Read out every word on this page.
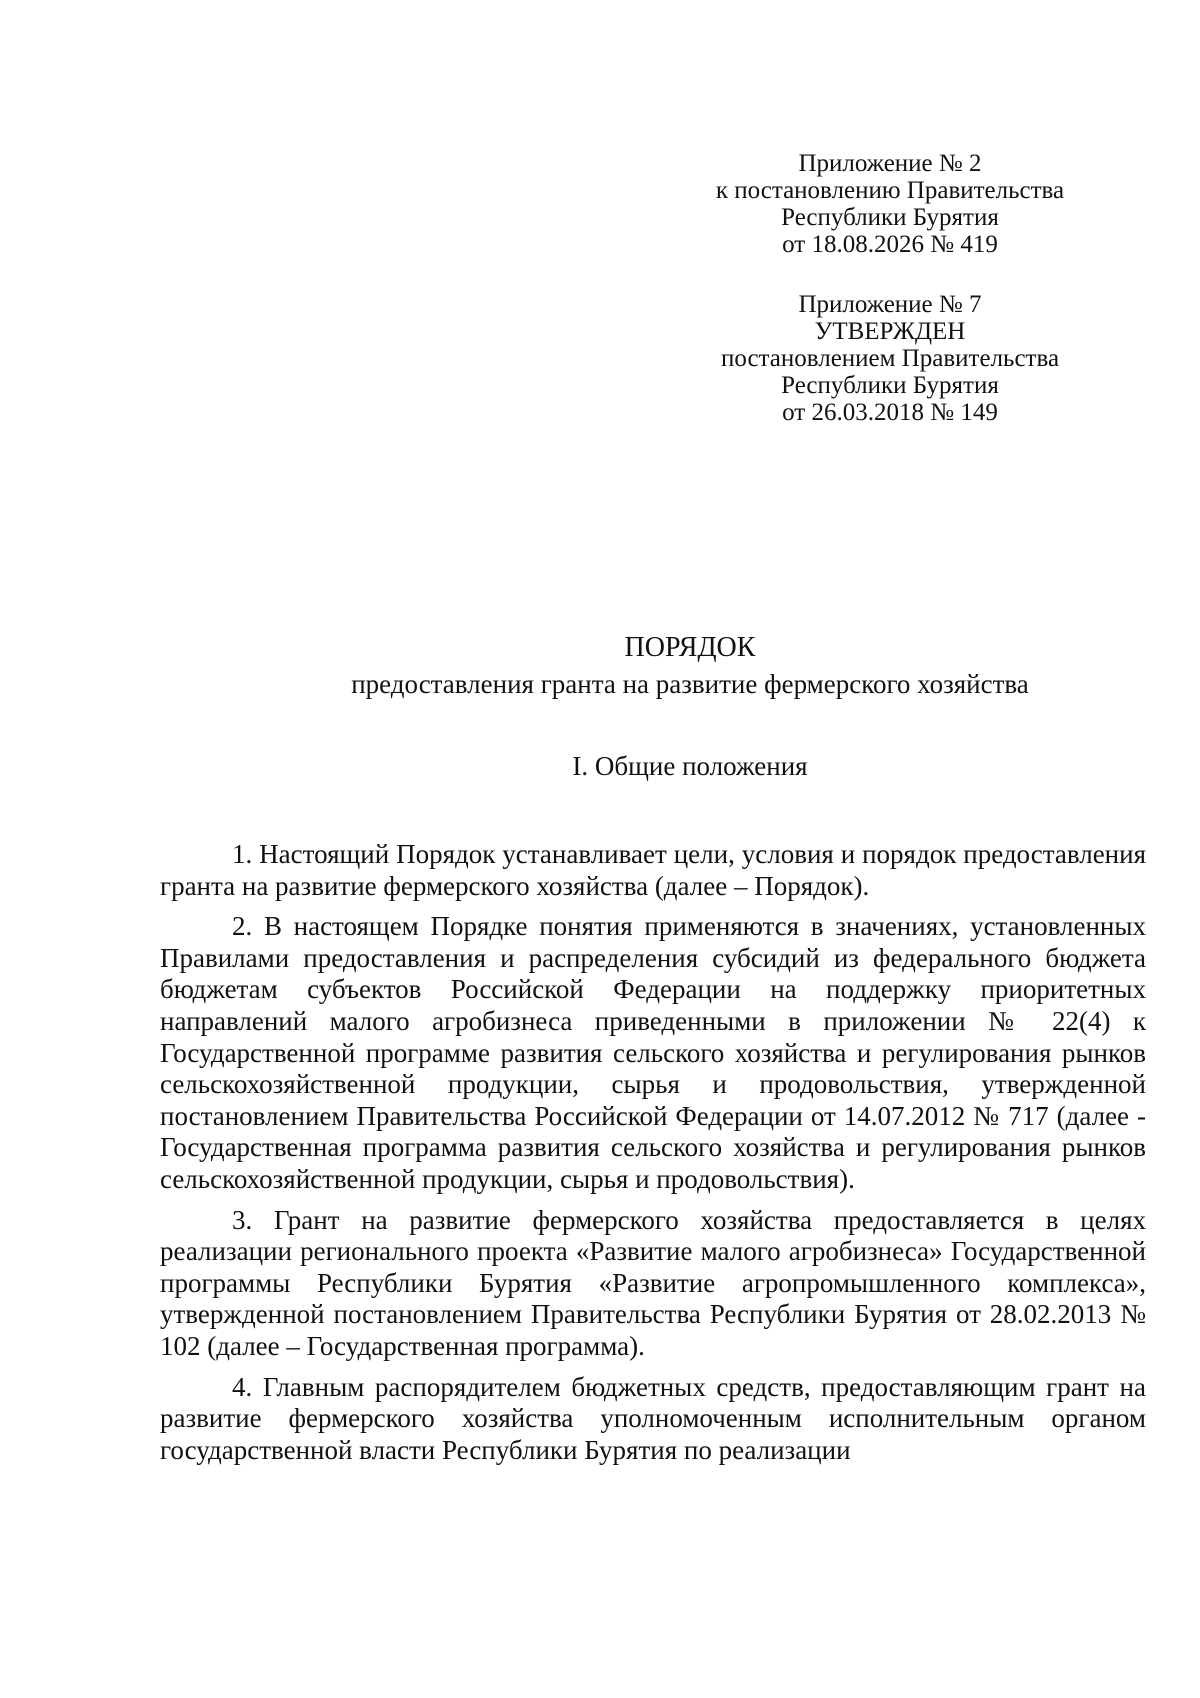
Приложение № 2
к постановлению Правительства
Республики Бурятия
от 18.08.2026 № 419
Приложение № 7
УТВЕРЖДЕН
постановлением Правительства
Республики Бурятия
от 26.03.2018 № 149
ПОРЯДОК
предоставления гранта на развитие фермерского хозяйства
I. Общие положения

1. Настоящий Порядок устанавливает цели, условия и порядок предоставления гранта на развитие фермерского хозяйства (далее – Порядок).

2. В настоящем Порядке понятия применяются в значениях, установленных Правилами предоставления и распределения субсидий из федерального бюджета бюджетам субъектов Российской Федерации на поддержку приоритетных направлений малого агробизнеса приведенными в приложении № 22(4) к Государственной программе развития сельского хозяйства и регулирования рынков сельскохозяйственной продукции, сырья и продовольствия, утвержденной постановлением Правительства Российской Федерации от 14.07.2012 № 717 (далее - Государственная программа развития сельского хозяйства и регулирования рынков сельскохозяйственной продукции, сырья и продовольствия).

3. Грант на развитие фермерского хозяйства предоставляется в целях реализации регионального проекта «Развитие малого агробизнеса» Государственной программы Республики Бурятия «Развитие агропромышленного комплекса», утвержденной постановлением Правительства Республики Бурятия от 28.02.2013 № 102 (далее – Государственная программа).

4. Главным распорядителем бюджетных средств, предоставляющим грант на развитие фермерского хозяйства уполномоченным исполнительным органом государственной власти Республики Бурятия по реализации
